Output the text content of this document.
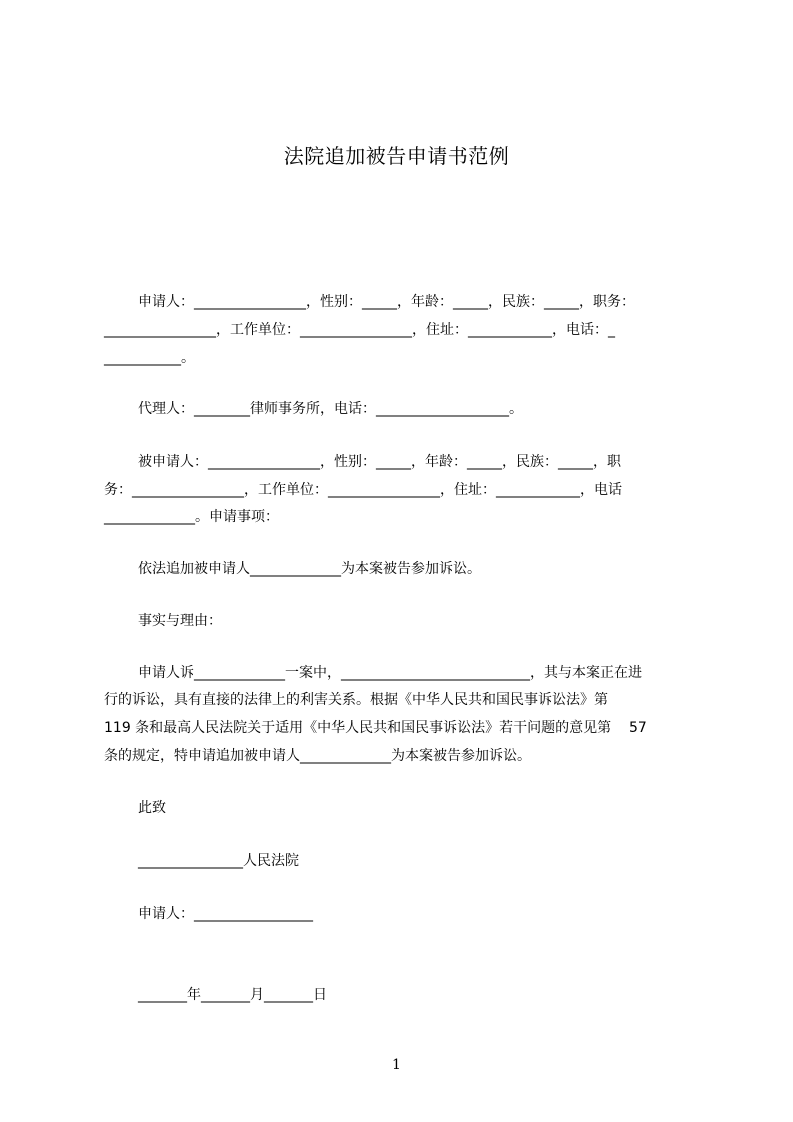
法院追加被告申请书范例
申请人：________________，性别：_____，年龄：_____，民族：_____，职务：
________________，工作单位：________________，住址：____________，电话：_
___________。
代理人：________律师事务所，电话：___________________。
被申请人：________________，性别：_____，年龄：_____，民族：_____，职
务：________________，工作单位：________________，住址：____________，电话
_____________。申请事项：
依法追加被申请人_____________为本案被告参加诉讼。
事实与理由：
申请人诉_____________一案中，___________________________，其与本案正在进
行的诉讼，具有直接的法律上的利害关系。根据《中华人民共和国民事诉讼法》第
119 条和最高人民法院关于适用《中华人民共和国民事诉讼法》若干问题的意见第    57
条的规定，特申请追加被申请人_____________为本案被告参加诉讼。
此致
_______________人民法院
申请人：_________________
_______年_______月_______日
1
